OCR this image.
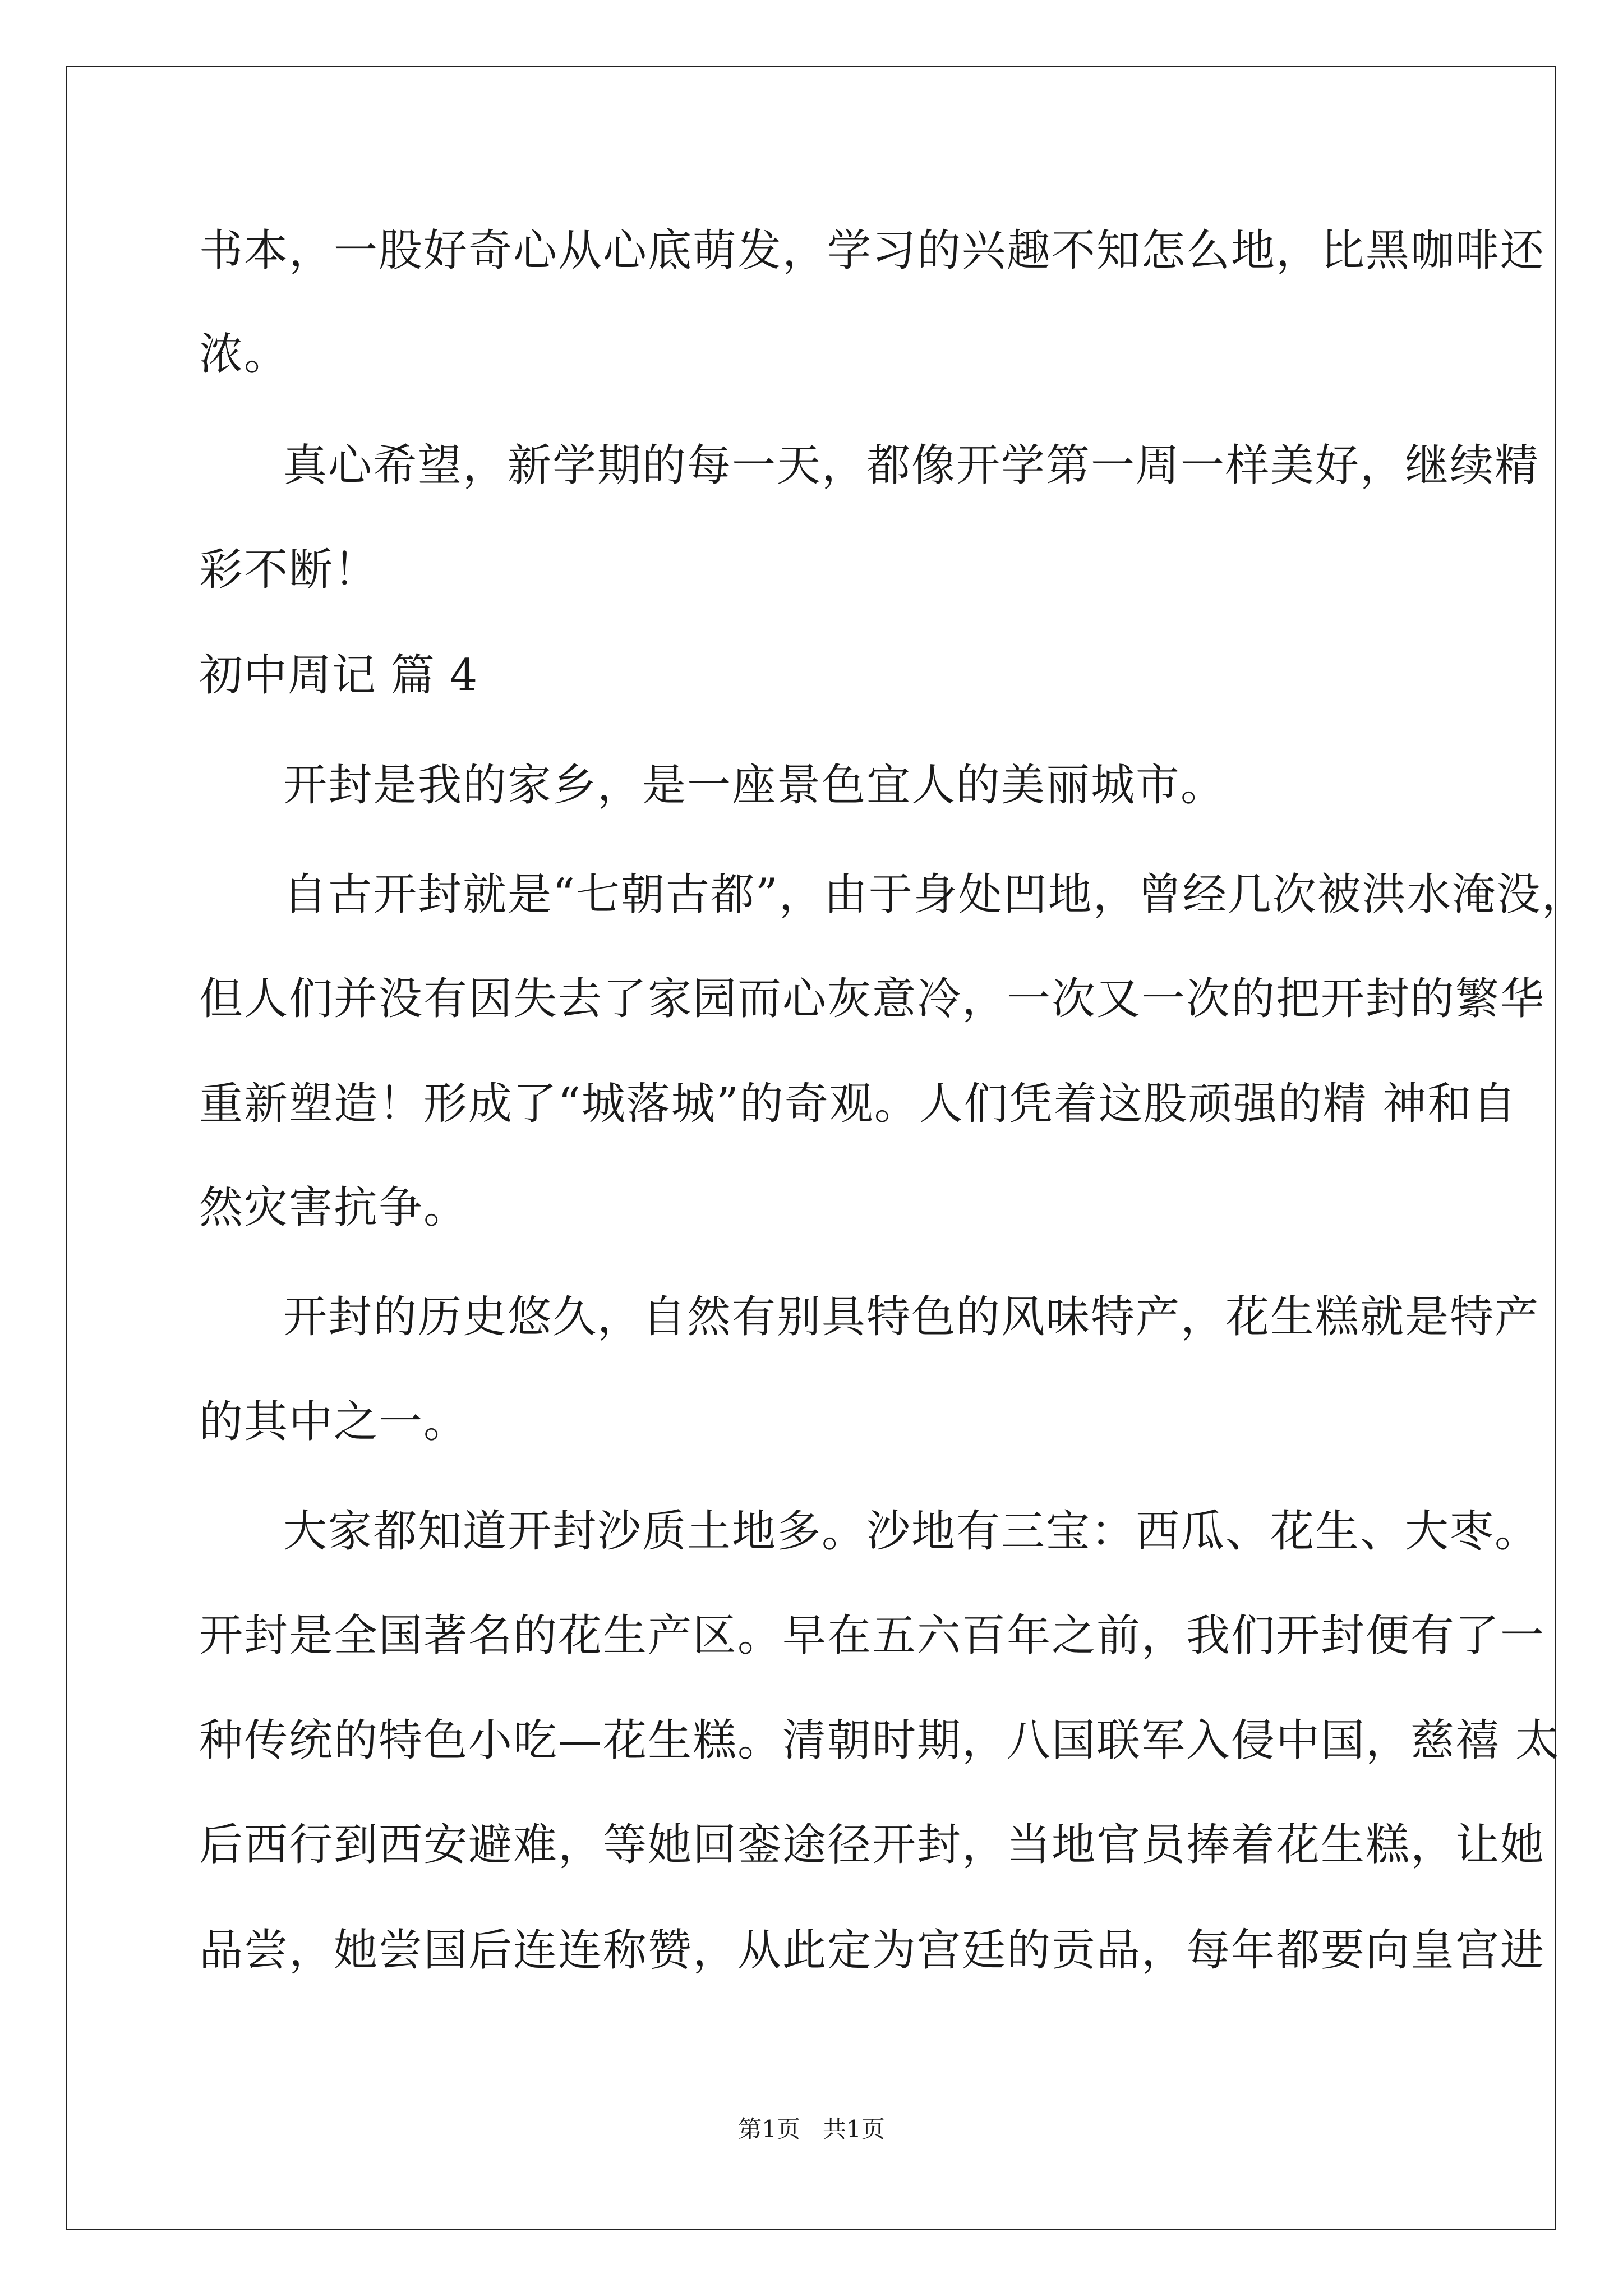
书本，一股好奇心从心底萌发，学习的兴趣不知怎么地，比黑咖啡还

浓。

真心希望，新学期的每一天，都像开学第一周一样美好，继续精

彩不断！

初中周记 篇 4

开封是我的家乡，是一座景色宜人的美丽城市。

自古开封就是“七朝古都”，由于身处凹地，曾经几次被洪水淹没，

但人们并没有因失去了家园而心灰意冷，一次又一次的把开封的繁华

重新塑造！形成了“城落城”的奇观。人们凭着这股顽强的精 神和自

然灾害抗争。

开封的历史悠久，自然有别具特色的风味特产，花生糕就是特产

的其中之一。

大家都知道开封沙质土地多。沙地有三宝：西瓜、花生、大枣。

开封是全国著名的花生产区。早在五六百年之前，我们开封便有了一

种传统的特色小吃—花生糕。清朝时期，八国联军入侵中国，慈禧 太

后西行到西安避难，等她回銮途径开封，当地官员捧着花生糕，让她

品尝，她尝国后连连称赞，从此定为宫廷的贡品，每年都要向皇宫进

第1页   共1页
